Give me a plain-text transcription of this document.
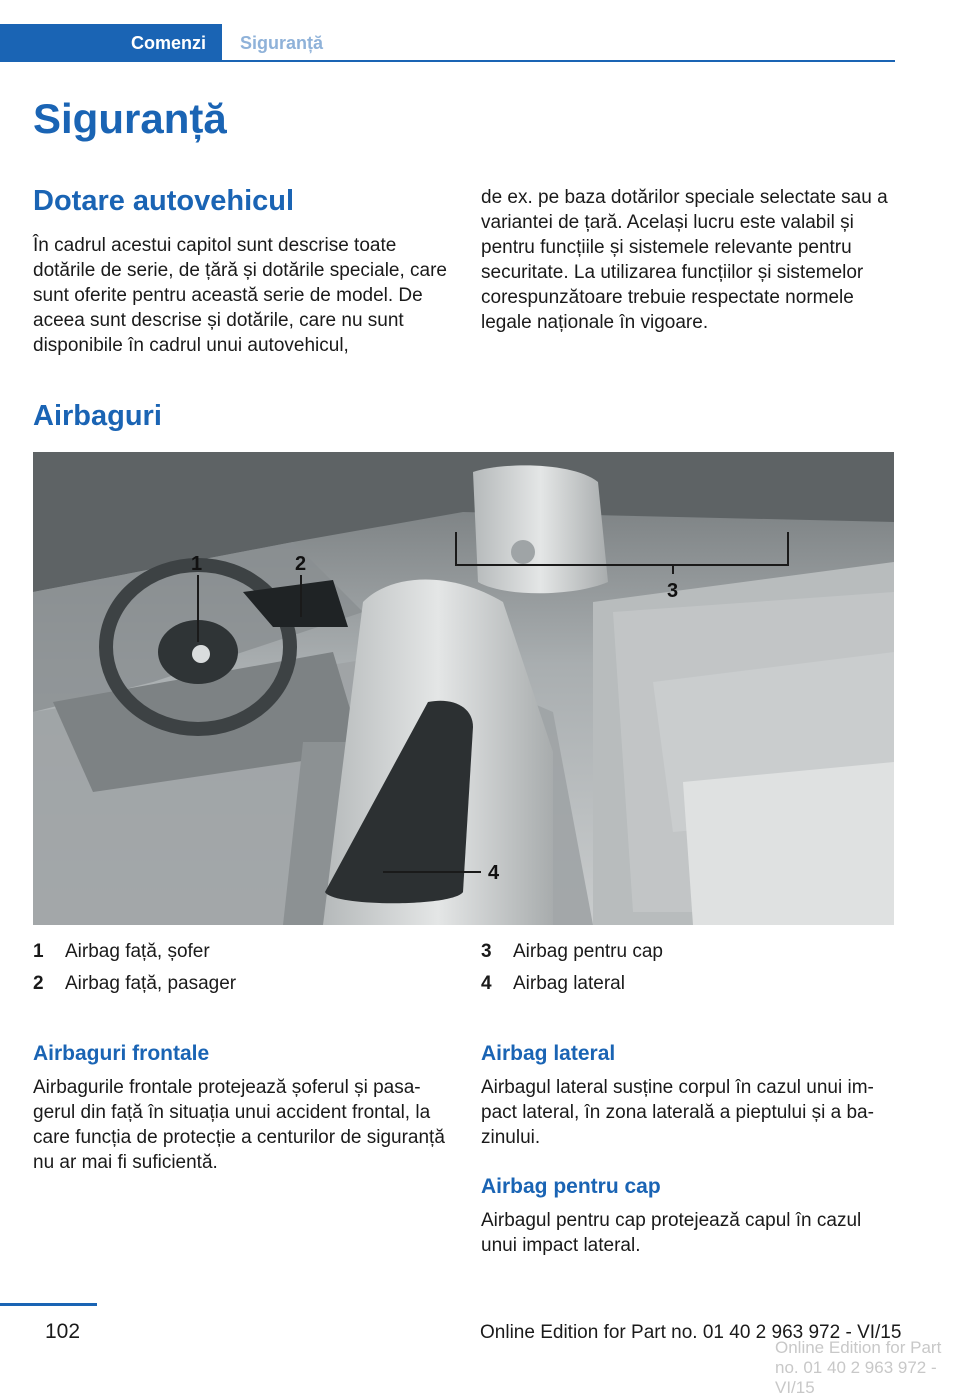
Comenzi	Siguranță
Siguranță
Dotare autovehicul

În cadrul acestui capitol sunt descrise toate dotările de serie, de țără și dotările speciale, care sunt oferite pentru această serie de model. De aceea sunt descrise și dotările, care nu sunt disponibile în cadrul unui autovehicul,

de ex. pe baza dotărilor speciale selectate sau a variantei de țară. Același lucru este valabil și pentru funcțiile și sistemele relevante pentru securitate. La utilizarea funcțiilor și sistemelor corespunzătoare trebuie respectate normele legale naționale în vigoare.

Airbaguri
1	2
3
4
1	Airbag față, șofer
2	Airbag față, pasager
3	Airbag pentru cap
4	Airbag lateral
Airbaguri frontale

Airbagurile frontale protejează șoferul și pasagerul din față în situația unui accident frontal, la care funcția de protecție a centurilor de siguranță nu ar mai fi suficientă.

Airbag lateral

Airbagul lateral susține corpul în cazul unui impact lateral, în zona laterală a pieptului și a bazinului.

Airbag pentru cap

Airbagul pentru cap protejează capul în cazul unui impact lateral.

102	Online Edition for Part no. 01 40 2 963 972 - VI/15
Online Edition for Part no. 01 40 2 963 972 - VI/15
